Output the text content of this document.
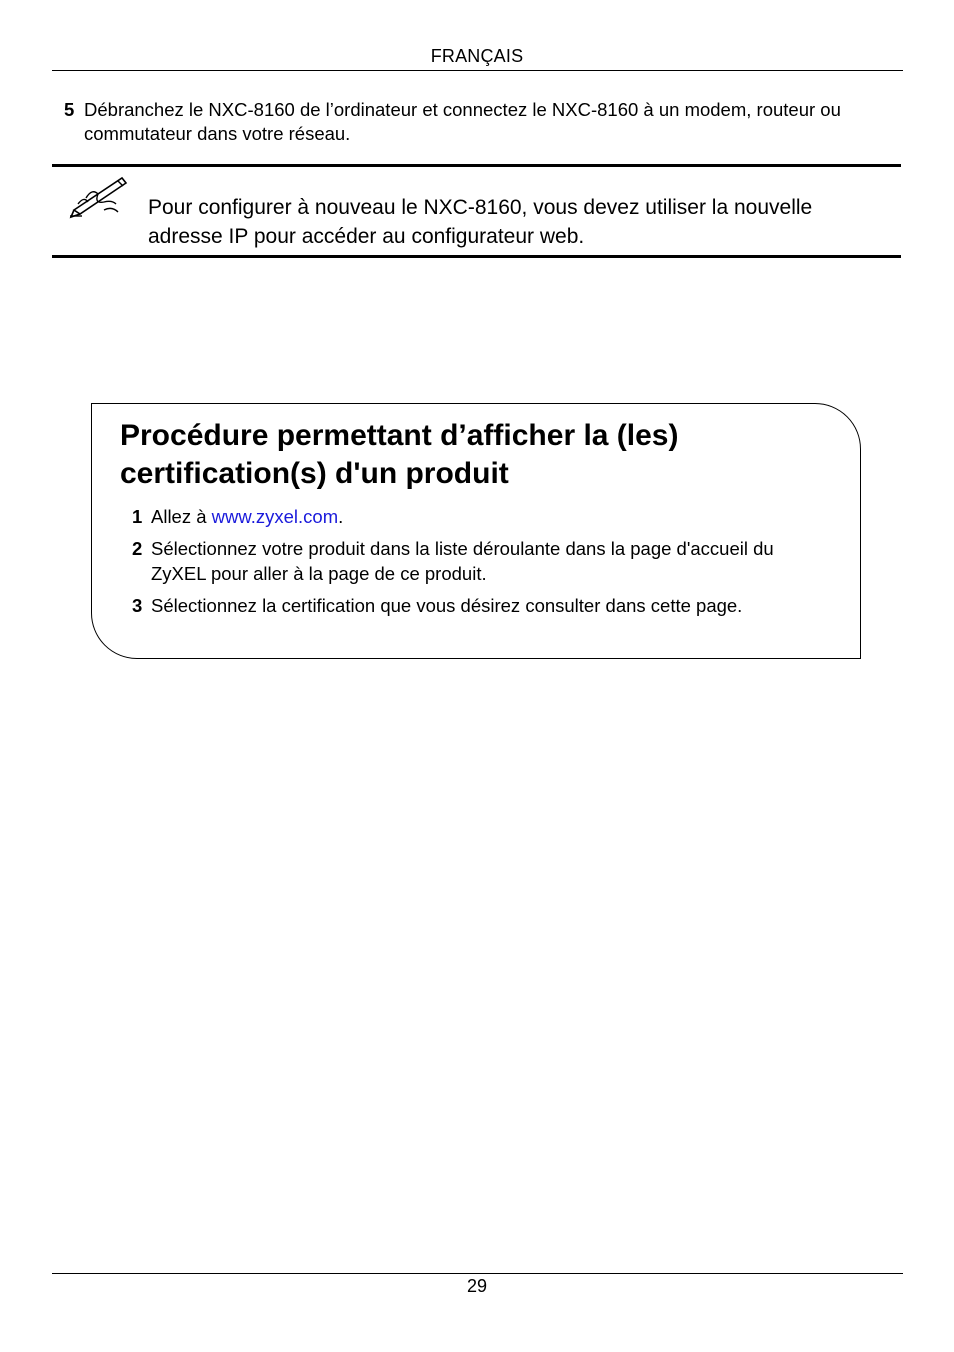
FRANÇAIS
5 Débranchez le NXC-8160 de l’ordinateur et connectez le NXC-8160 à un modem, routeur ou commutateur dans votre réseau.
Pour configurer à nouveau le NXC-8160, vous devez utiliser la nouvelle adresse IP pour accéder au configurateur web.
Procédure permettant d’afficher la (les) certification(s) d'un produit
1 Allez à www.zyxel.com.
2 Sélectionnez votre produit dans la liste déroulante dans la page d'accueil du ZyXEL pour aller à la page de ce produit.
3 Sélectionnez la certification que vous désirez consulter dans cette page.
29
